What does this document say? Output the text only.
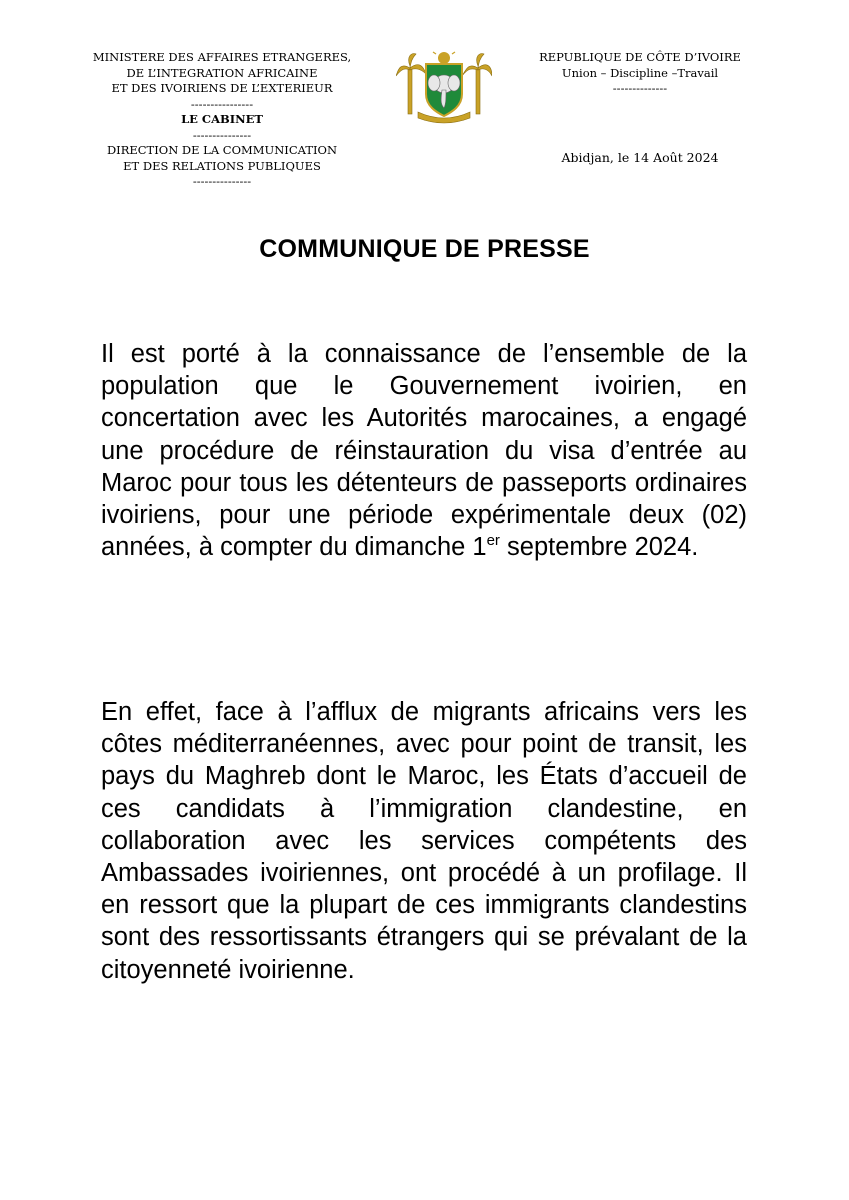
MINISTERE DES AFFAIRES ETRANGERES,
DE L’INTEGRATION AFRICAINE
ET DES IVOIRIENS DE L’EXTERIEUR
----------------
LE CABINET
---------------
DIRECTION DE LA COMMUNICATION
ET DES RELATIONS PUBLIQUES
---------------
REPUBLIQUE DE CÔTE D’IVOIRE
Union – Discipline –Travail
--------------
Abidjan, le 14 Août 2024
COMMUNIQUE DE PRESSE
Il est porté à la connaissance de l’ensemble de la population que le Gouvernement ivoirien, en concertation avec les Autorités marocaines, a engagé une procédure de réinstauration du visa d’entrée au Maroc pour tous les détenteurs de passeports ordinaires ivoiriens, pour une période expérimentale deux (02) années, à compter du dimanche 1er septembre 2024.
En effet, face à l’afflux de migrants africains vers les côtes méditerranéennes, avec pour point de transit, les pays du Maghreb dont le Maroc, les États d’accueil de ces candidats à l’immigration clandestine, en collaboration avec les services compétents des Ambassades ivoiriennes, ont procédé à un profilage. Il en ressort que la plupart de ces immigrants clandestins sont des ressortissants étrangers qui se prévalant de la citoyenneté ivoirienne.
